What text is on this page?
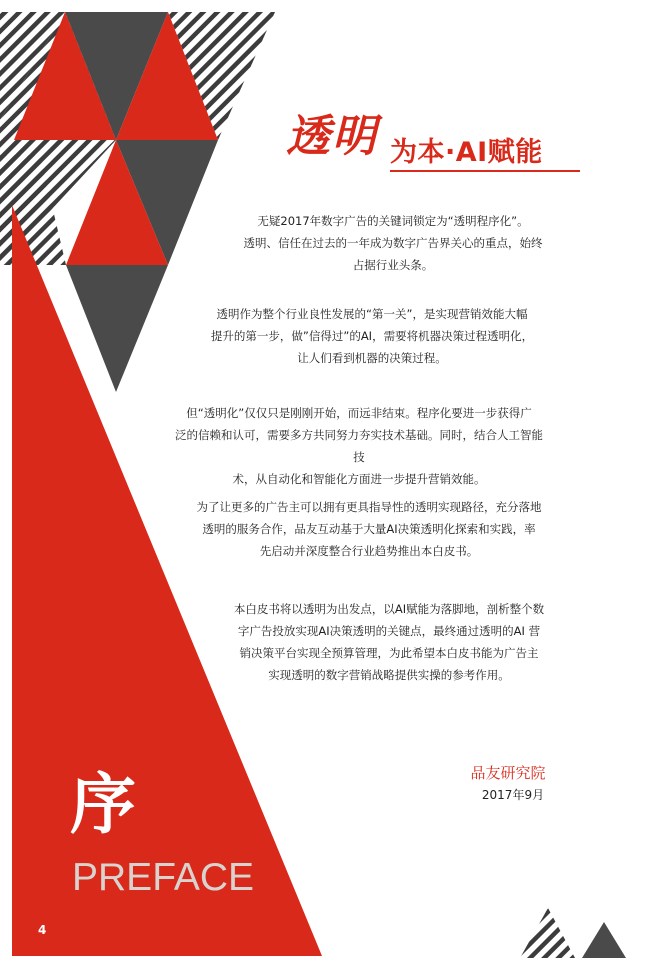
透 明 为本·AI赋能
无疑2017年数字广告的关键词锁定为“透明程序化”。
透明、信任在过去的一年成为数字广告界关心的重点，始终
占据行业头条。
透明作为整个行业良性发展的“第一关”，是实现营销效能大幅
提升的第一步，做”信得过”的AI，需要将机器决策过程透明化，
让人们看到机器的决策过程。
但“透明化”仅仅只是刚刚开始，而远非结束。程序化要进一步获得广
泛的信赖和认可，需要多方共同努力夯实技术基础。同时，结合人工智能技
术，从自动化和智能化方面进一步提升营销效能。
为了让更多的广告主可以拥有更具指导性的透明实现路径，充分落地
透明的服务合作，品友互动基于大量AI决策透明化探索和实践，率
先启动并深度整合行业趋势推出本白皮书。
本白皮书将以透明为出发点，以AI赋能为落脚地，剖析整个数
字广告投放实现AI决策透明的关键点，最终通过透明的AI 营
销决策平台实现全预算管理，为此希望本白皮书能为广告主
实现透明的数字营销战略提供实操的参考作用。
品友研究院
2017年9月
序
PREFACE
4
